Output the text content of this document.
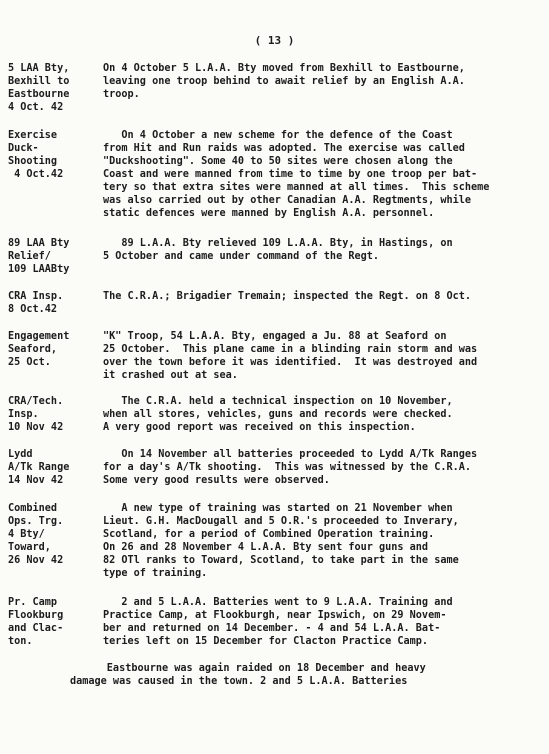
( 13 )
5 LAA Bty,
Bexhill to
Eastbourne
4 Oct. 42
On 4 October 5 L.A.A. Bty moved from Bexhill to Eastbourne,
leaving one troop behind to await relief by an English A.A.
troop.
Exercise
Duck-
Shooting
4 Oct.42
On 4 October a new scheme for the defence of the Coast
from Hit and Run raids was adopted. The exercise was called
"Duckshooting". Some 40 to 50 sites were chosen along the
Coast and were manned from time to time by one troop per bat-
tery so that extra sites were manned at all times.  This scheme
was also carried out by other Canadian A.A. Regtments, while
static defences were manned by English A.A. personnel.
89 LAA Bty
Relief/
109 LAABty
89 L.A.A. Bty relieved 109 L.A.A. Bty, in Hastings, on
5 October and came under command of the Regt.
CRA Insp.
8 Oct.42
The C.R.A.; Brigadier Tremain; inspected the Regt. on 8 Oct.
Engagement
Seaford,
25 Oct.
"K" Troop, 54 L.A.A. Bty, engaged a Ju. 88 at Seaford on
25 October.  This plane came in a blinding rain storm and was
over the town before it was identified.  It was destroyed and
it crashed out at sea.
CRA/Tech.
Insp.
10 Nov 42
The C.R.A. held a technical inspection on 10 November,
when all stores, vehicles, guns and records were checked.
A very good report was received on this inspection.
Lydd
A/Tk Range
14 Nov 42
On 14 November all batteries proceeded to Lydd A/Tk Ranges
for a day's A/Tk shooting.  This was witnessed by the C.R.A.
Some very good results were observed.
Combined
Ops. Trg.
4 Bty/
Toward,
26 Nov 42
A new type of training was started on 21 November when
Lieut. G.H. MacDougall and 5 O.R.'s proceeded to Inverary,
Scotland, for a period of Combined Operation training.
On 26 and 28 November 4 L.A.A. Bty sent four guns and
82 OTl ranks to Toward, Scotland, to take part in the same
type of training.
Pr. Camp
Flookburg
and Clac-
ton.
2 and 5 L.A.A. Batteries went to 9 L.A.A. Training and
Practice Camp, at Flookburgh, near Ipswich, on 29 Novem-
ber and returned on 14 December. - 4 and 54 L.A.A. Bat-
teries left on 15 December for Clacton Practice Camp.
Eastbourne was again raided on 18 December and heavy
damage was caused in the town. 2 and 5 L.A.A. Batteries
